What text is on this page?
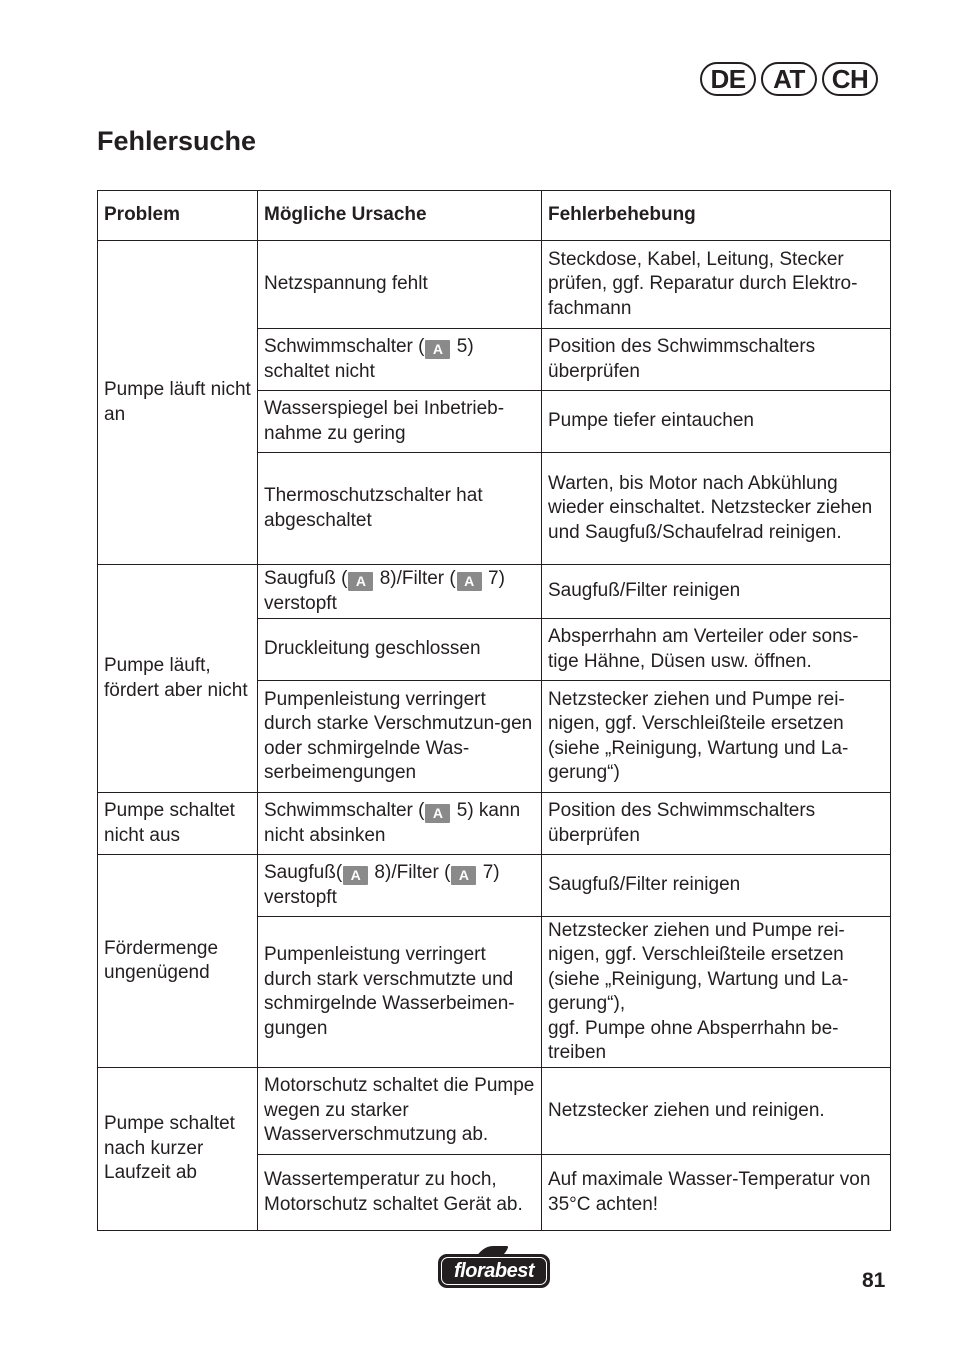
DE	AT	CH
Fehlersuche
Problem	Mögliche Ursache	Fehlerbehebung
Pumpe läuft nicht an	Netzspannung fehlt	Steckdose, Kabel, Leitung, Stecker prüfen, ggf. Reparatur durch Elektro-fachmann
	Schwimmschalter ( A 5) schaltet nicht	Position des Schwimmschalters überprüfen
	Wasserspiegel bei Inbetrieb-nahme zu gering	Pumpe tiefer eintauchen
	Thermoschutzschalter hat abgeschaltet	Warten, bis Motor nach Abkühlung wieder einschaltet. Netzstecker ziehen und Saugfuß/Schaufelrad reinigen.
Pumpe läuft, fördert aber nicht	Saugfuß ( A 8)/Filter ( A 7) verstopft	Saugfuß/Filter reinigen
	Druckleitung geschlossen	Absperrhahn am Verteiler oder sons-tige Hähne, Düsen usw. öffnen.
	Pumpenleistung verringert durch starke Verschmutzun-gen oder schmirgelnde Was-serbeimengungen	Netzstecker ziehen und Pumpe rei-nigen, ggf. Verschleißteile ersetzen (siehe „Reinigung, Wartung und La-gerung“)
Pumpe schaltet nicht aus	Schwimmschalter ( A 5) kann nicht absinken	Position des Schwimmschalters überprüfen
Fördermenge ungenügend	Saugfuß( A 8)/Filter ( A 7) verstopft	Saugfuß/Filter reinigen
	Pumpenleistung verringert durch stark verschmutzte und schmirgelnde Wasserbeimen-gungen	Netzstecker ziehen und Pumpe rei-nigen, ggf. Verschleißteile ersetzen (siehe „Reinigung, Wartung und La-gerung“),
ggf. Pumpe ohne Absperrhahn be-treiben
Pumpe schaltet nach kurzer Laufzeit ab	Motorschutz schaltet die Pumpe wegen zu starker Wasserverschmutzung ab.	Netzstecker ziehen und reinigen.
	Wassertemperatur zu hoch, Motorschutz schaltet Gerät ab.	Auf maximale Wasser-Temperatur von 35°C achten!
florabest	81
